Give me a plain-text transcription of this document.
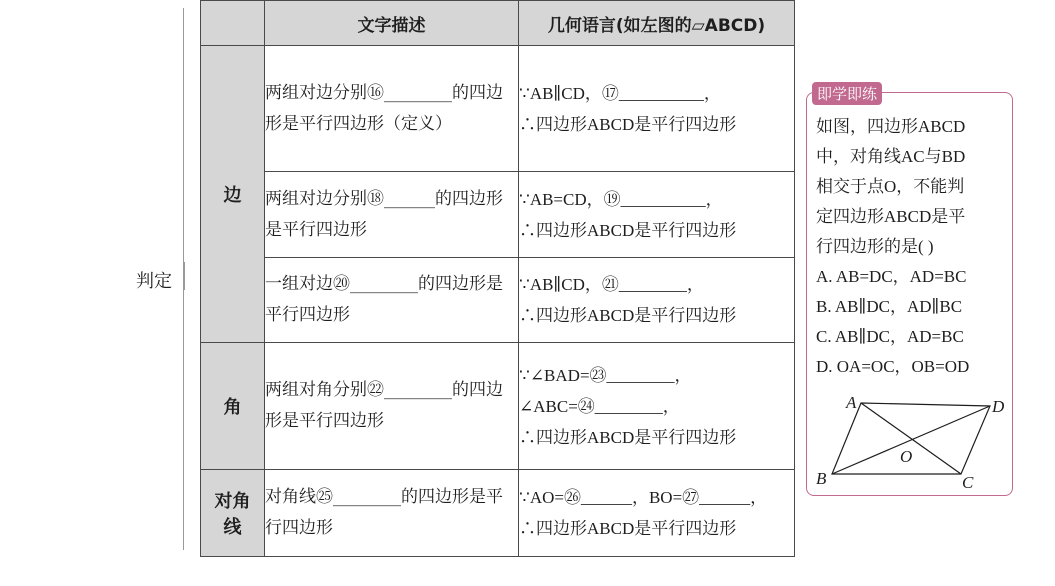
判定
	文字描述	几何语言(如左图的▱ABCD)
边	两组对边分别⑯________的四边形是平行四边形（定义）	∵AB∥CD，⑰__________，
∴四边形ABCD是平行四边形

	两组对边分别⑱______的四边形是平行四边形	∵AB=CD，⑲__________，
∴四边形ABCD是平行四边形

	一组对边⑳________的四边形是平行四边形	∵AB∥CD，㉑________，
∴四边形ABCD是平行四边形

角	两组对角分别㉒________的四边形是平行四边形	∵∠BAD=㉓________，
∠ABC=㉔________，
∴四边形ABCD是平行四边形

对角线	对角线㉕________的四边形是平行四边形	∵AO=㉖______，BO=㉗______，
∴四边形ABCD是平行四边形
即学即练
如图，四边形ABCD
中，对角线AC与BD
相交于点O，不能判
定四边形ABCD是平
行四边形的是( )
A. AB=DC，AD=BC
B. AB∥DC，AD∥BC
C. AB∥DC，AD=BC
D. OA=OC，OB=OD
A	D
B	C
O
